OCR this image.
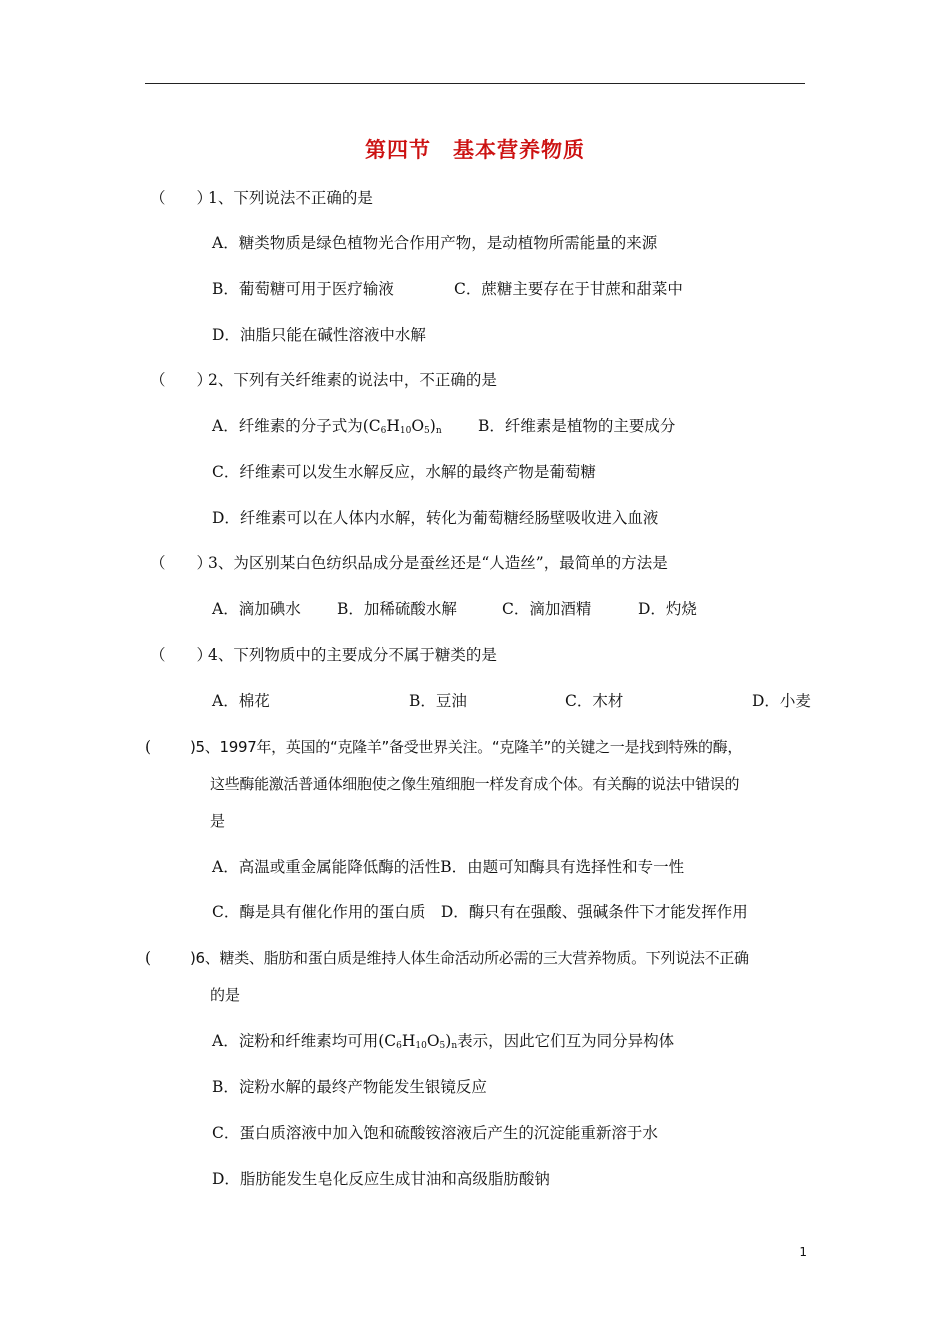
第四节 基本营养物质
（　　）
1、下列说法不正确的是
A．糖类物质是绿色植物光合作用产物，是动植物所需能量的来源
B．葡萄糖可用于医疗输液	C．蔗糖主要存在于甘蔗和甜菜中
D．油脂只能在碱性溶液中水解
（　　）
2、下列有关纤维素的说法中，不正确的是
A．纤维素的分子式为$(C_6H_{10}O_5)_n$ B．纤维素是植物的主要成分
C．纤维素可以发生水解反应，水解的最终产物是葡萄糖
D．纤维素可以在人体内水解，转化为葡萄糖经肠壁吸收进入血液
（　　）
3、为区别某白色纺织品成分是蚕丝还是“人造丝”，最简单的方法是
A．滴加碘水 B．加稀硫酸水解	C．滴加酒精	D．灼烧
（　　）
4、下列物质中的主要成分不属于糖类的是
A．棉花	B．豆油	C．木材	D．小麦
(	)5、1997年，英国的“克隆羊”备受世界关注。“克隆羊”的关键之一是找到特殊的酶，
这些酶能激活普通体细胞使之像生殖细胞一样发育成个体。有关酶的说法中错误的
是
A．高温或重金属能降低酶的活性B．由题可知酶具有选择性和专一性
C．酶是具有催化作用的蛋白质　D．酶只有在强酸、强碱条件下才能发挥作用
(	)6、糖类、脂肪和蛋白质是维持人体生命活动所必需的三大营养物质。下列说法不正确
的是
A．淀粉和纤维素均可用$(C_6H_{10}O_5)_n$表示，因此它们互为同分异构体
B．淀粉水解的最终产物能发生银镜反应
C．蛋白质溶液中加入饱和硫酸铵溶液后产生的沉淀能重新溶于水
D．脂肪能发生皂化反应生成甘油和高级脂肪酸钠
1
